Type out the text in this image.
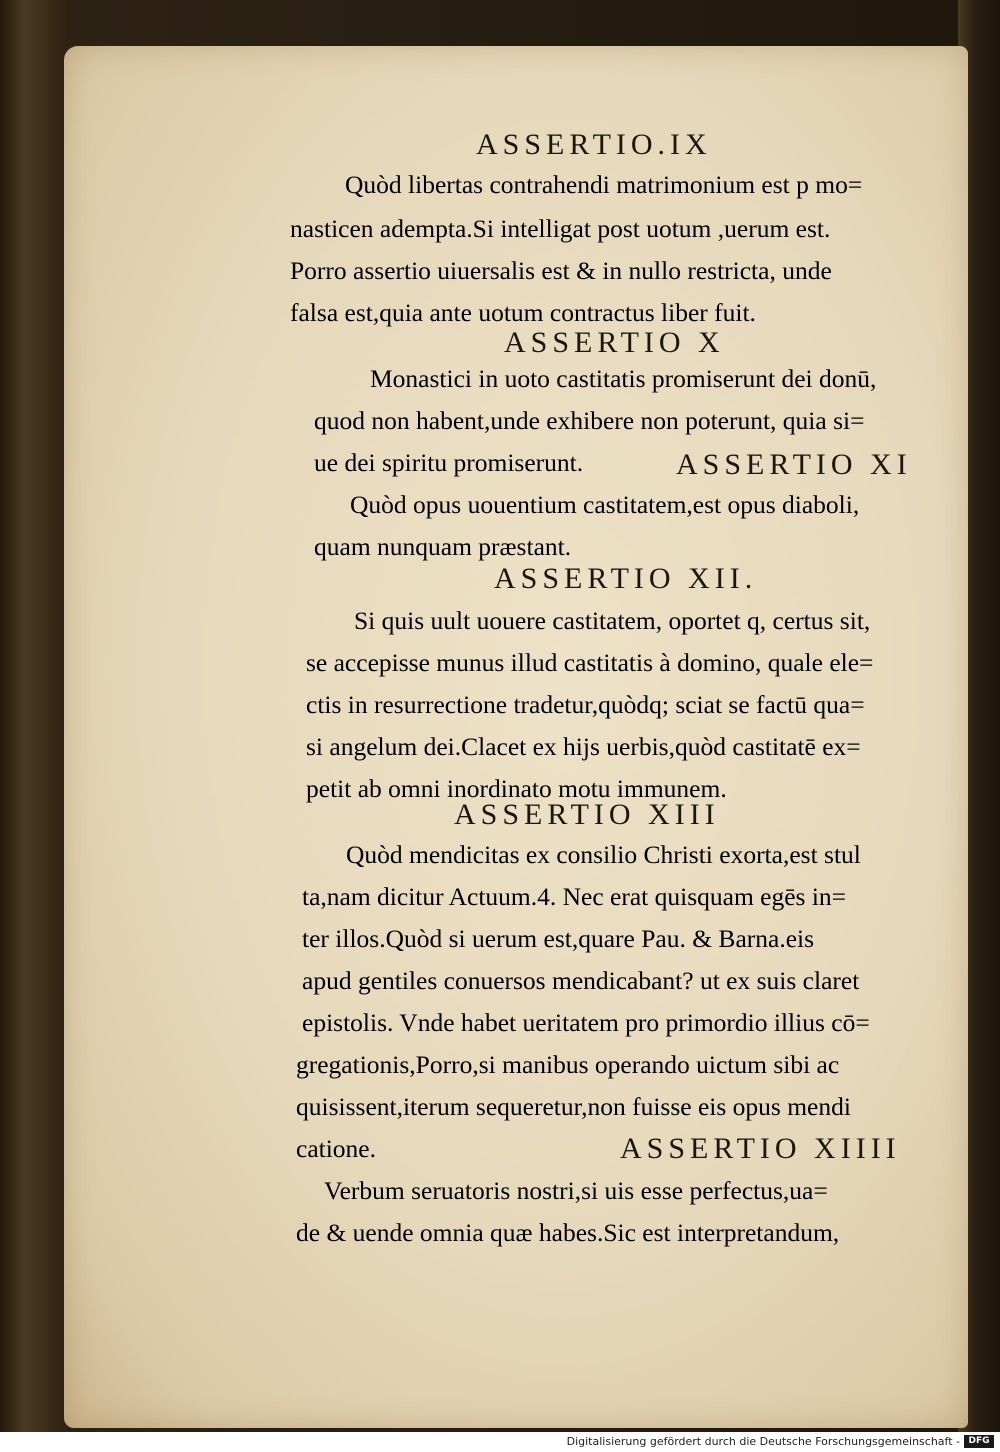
ASSERTIO.IX
Quòd libertas contrahendi matrimonium est p mo=
nasticen adempta.Si intelligat post uotum ,uerum est.
Porro assertio uiuersalis est & in nullo restricta, unde
falsa est,quia ante uotum contractus liber fuit.
ASSERTIO X
Monastici in uoto castitatis promiserunt dei donū,
quod non habent,unde exhibere non poterunt, quia si=
ue dei spiritu promiserunt.	ASSERTIO XI
Quòd opus uouentium castitatem,est opus diaboli,
quam nunquam præstant.
ASSERTIO XII.
Si quis uult uouere castitatem, oportet q, certus sit,
se accepisse munus illud castitatis à domino, quale ele=
ctis in resurrectione tradetur,quòdq; sciat se factū qua=
si angelum dei.Clacet ex hijs uerbis,quòd castitatē ex=
petit ab omni inordinato motu immunem.
ASSERTIO XIII
Quòd mendicitas ex consilio Christi exorta,est stul
ta,nam dicitur Actuum.4. Nec erat quisquam egēs in=
ter illos.Quòd si uerum est,quare Pau. & Barna.eis
apud gentiles conuersos mendicabant? ut ex suis claret
epistolis. Vnde habet ueritatem pro primordio illius cō=
gregationis,Porro,si manibus operando uictum sibi ac
quisissent,iterum sequeretur,non fuisse eis opus mendi
catione.	ASSERTIO XIIII
Verbum seruatoris nostri,si uis esse perfectus,ua=
de & uende omnia quæ habes.Sic est interpretandum,
Digitalisierung gefördert durch die Deutsche Forschungsgemeinschaft - DFG
